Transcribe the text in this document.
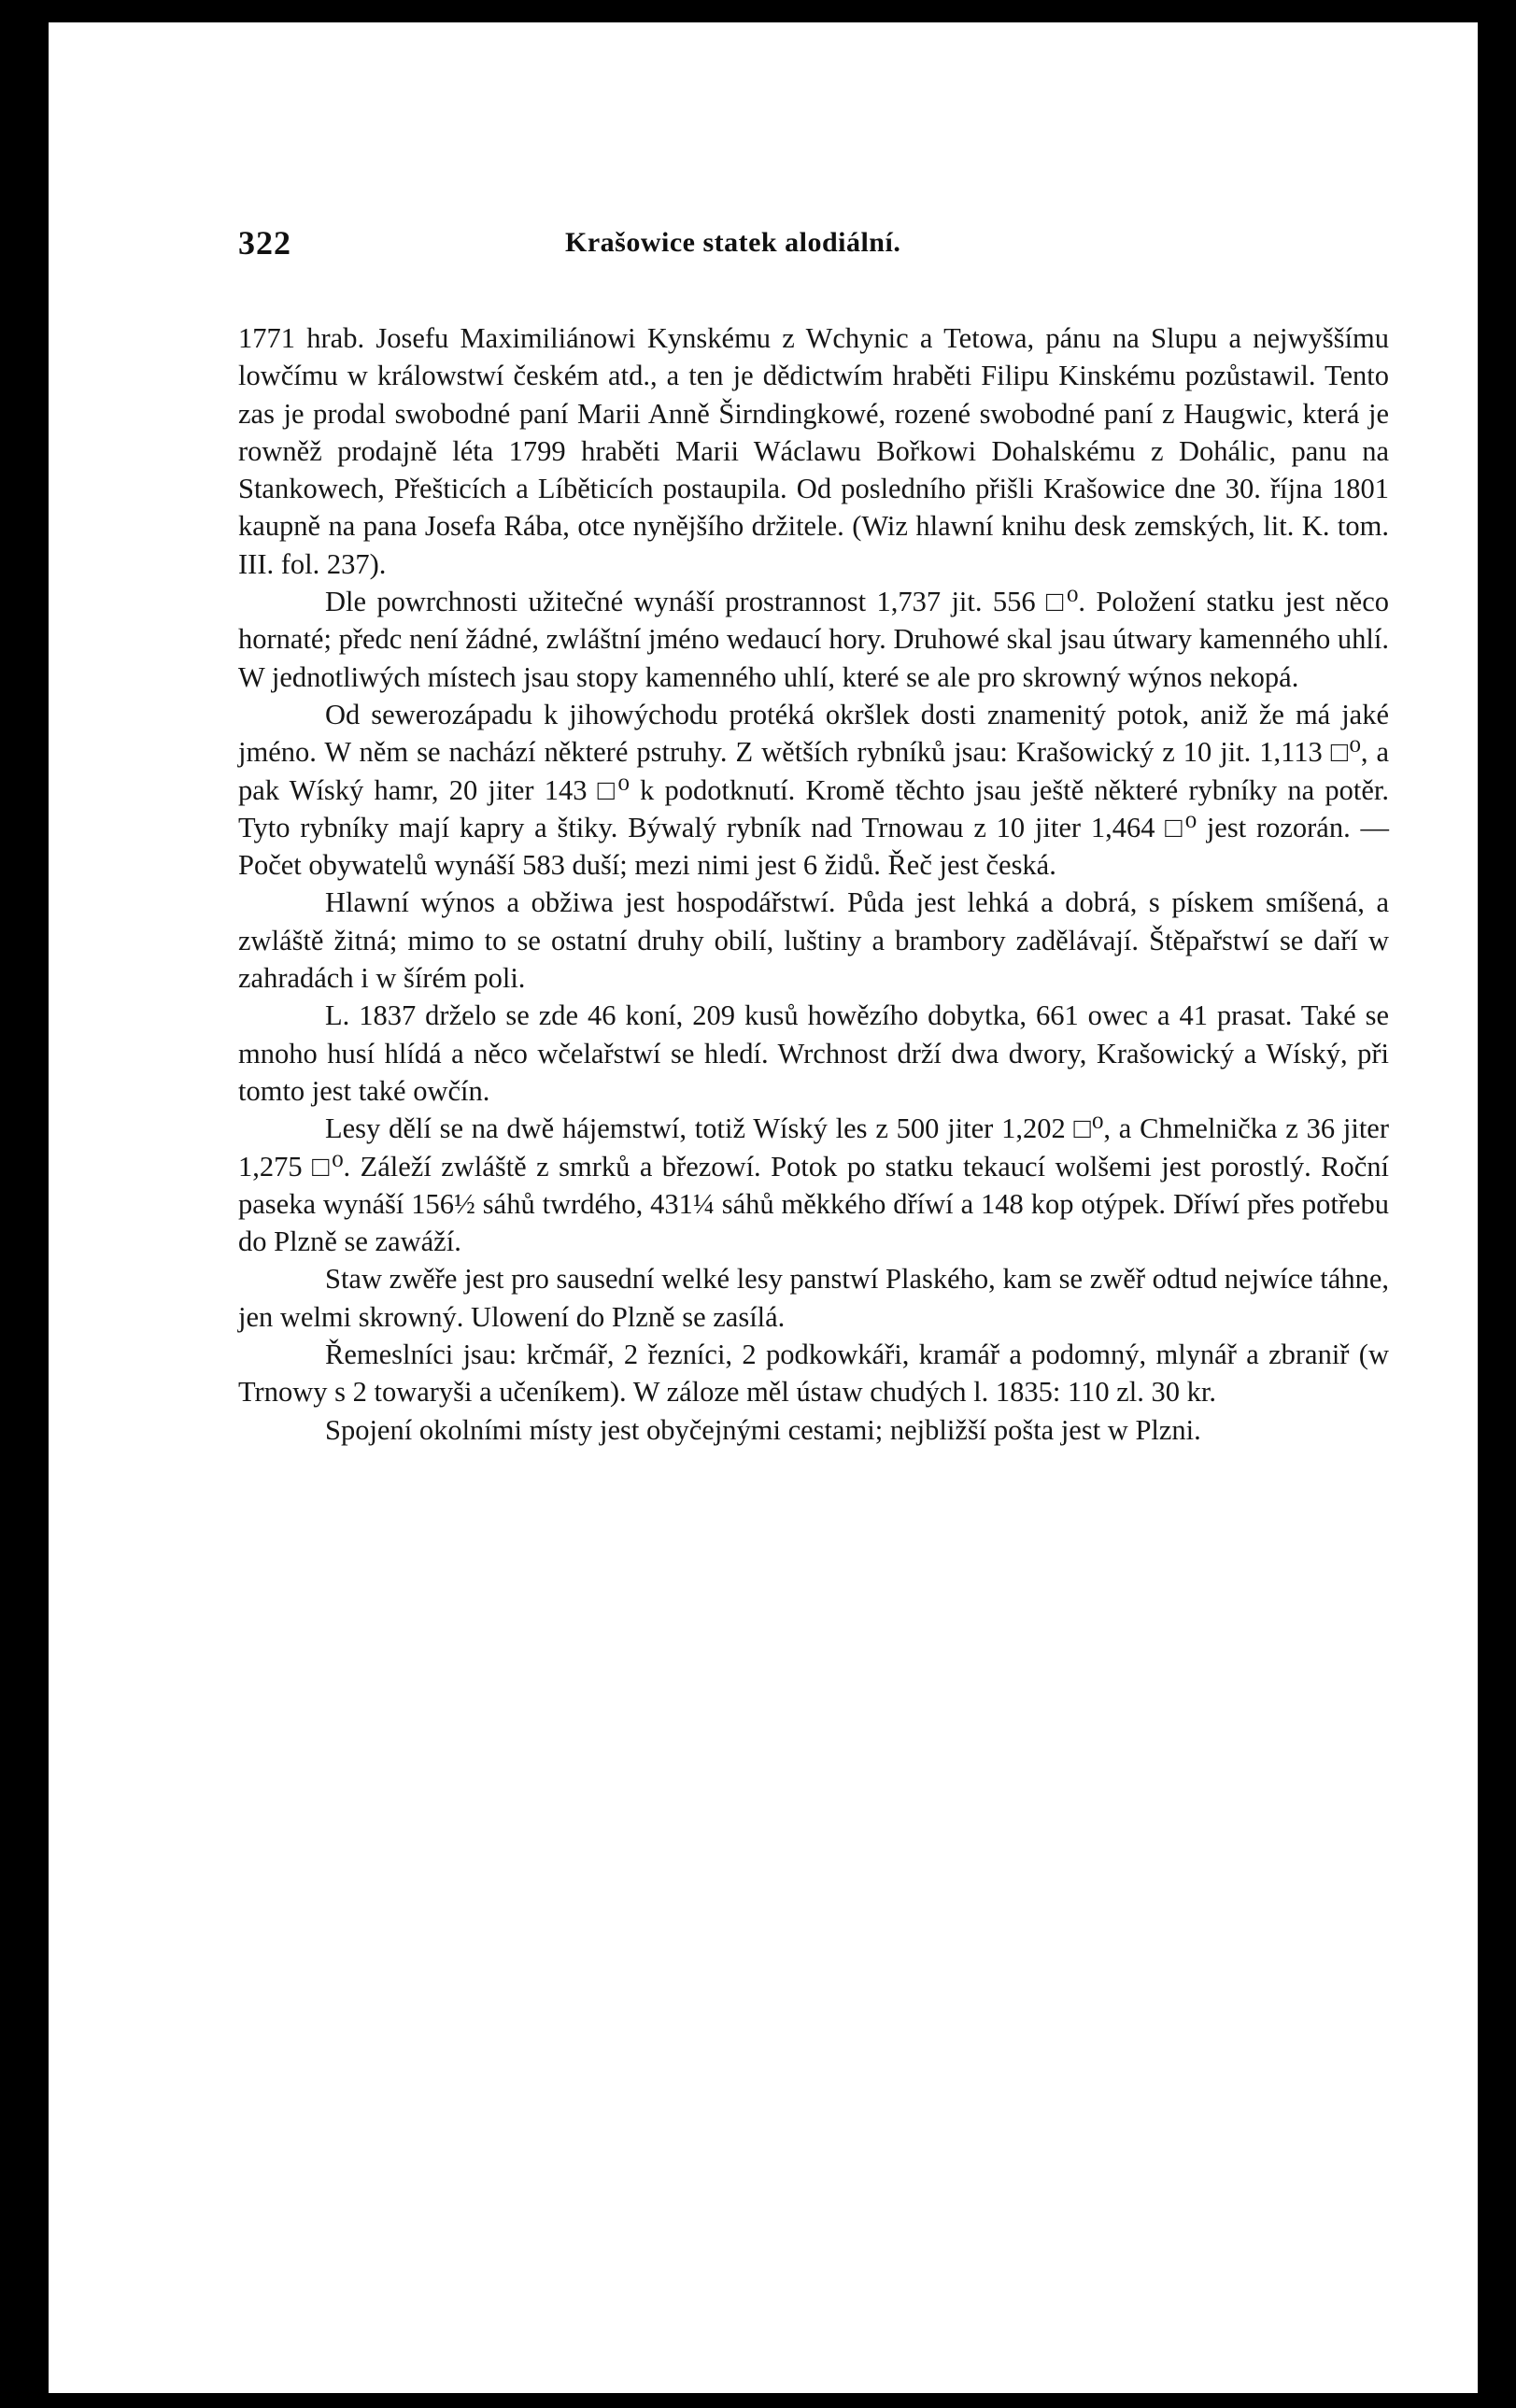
322	Krašowice statek alodiální.

1771 hrab. Josefu Maximiliánowi Kynskému z Wchynic a Tetowa, pánu na Slupu a nejwyššímu lowčímu w králowstwí českém atd., a ten je dědictwím hraběti Filipu Kinskému pozůstawil. Tento zas je prodal swobodné paní Marii Anně Širndingkowé, rozené swobodné paní z Haugwic, která je rowněž prodajně léta 1799 hraběti Marii Wáclawu Bořkowi Dohalskému z Dohálic, panu na Stankowech, Přešticích a Líběticích postaupila. Od posledního přišli Krašowice dne 30. října 1801 kaupně na pana Josefa Rába, otce nynějšího držitele. (Wiz hlawní knihu desk zemských, lit. K. tom. III. fol. 237).

Dle powrchnosti užitečné wynáší prostrannost 1,737 jit. 556 □⁰. Položení statku jest něco hornaté; předc není žádné, zwláštní jméno wedaucí hory. Druhowé skal jsau útwary kamenného uhlí. W jednotliwých místech jsau stopy kamenného uhlí, které se ale pro skrowný wýnos nekopá.

Od sewerozápadu k jihowýchodu protéká okršlek dosti znamenitý potok, aniž že má jaké jméno. W něm se nachází některé pstruhy. Z wětších rybníků jsau: Krašowický z 10 jit. 1,113 □⁰, a pak Wíský hamr, 20 jiter 143 □⁰ k podotknutí. Kromě těchto jsau ještě některé rybníky na potěr. Tyto rybníky mají kapry a štiky. Býwalý rybník nad Trnowau z 10 jiter 1,464 □⁰ jest rozorán. — Počet obywatelů wynáší 583 duší; mezi nimi jest 6 židů. Řeč jest česká.

Hlawní wýnos a obžiwa jest hospodářstwí. Půda jest lehká a dobrá, s pískem smíšená, a zwláště žitná; mimo to se ostatní druhy obilí, luštiny a brambory zadělávají. Štěpařstwí se daří w zahradách i w šírém poli.

L. 1837 drželo se zde 46 koní, 209 kusů howězího dobytka, 661 owec a 41 prasat. Také se mnoho husí hlídá a něco wčelařstwí se hledí. Wrchnost drží dwa dwory, Krašowický a Wíský, při tomto jest také owčín.

Lesy dělí se na dwě hájemstwí, totiž Wíský les z 500 jiter 1,202 □⁰, a Chmelnička z 36 jiter 1,275 □⁰. Záleží zwláště z smrků a březowí. Potok po statku tekaucí wolšemi jest porostlý. Roční paseka wynáší 156½ sáhů twrdého, 431¼ sáhů měkkého dříwí a 148 kop otýpek. Dříwí přes potřebu do Plzně se zawáží.

Staw zwěře jest pro sausední welké lesy panstwí Plaského, kam se zwěř odtud nejwíce táhne, jen welmi skrowný. Ulowení do Plzně se zasílá.

Řemeslníci jsau: krčmář, 2 řezníci, 2 podkowkáři, kramář a podomný, mlynář a zbraniř (w Trnowy s 2 towaryši a učeníkem). W záloze měl ústaw chudých l. 1835: 110 zl. 30 kr.

Spojení okolními místy jest obyčejnými cestami; nejbližší pošta jest w Plzni.
